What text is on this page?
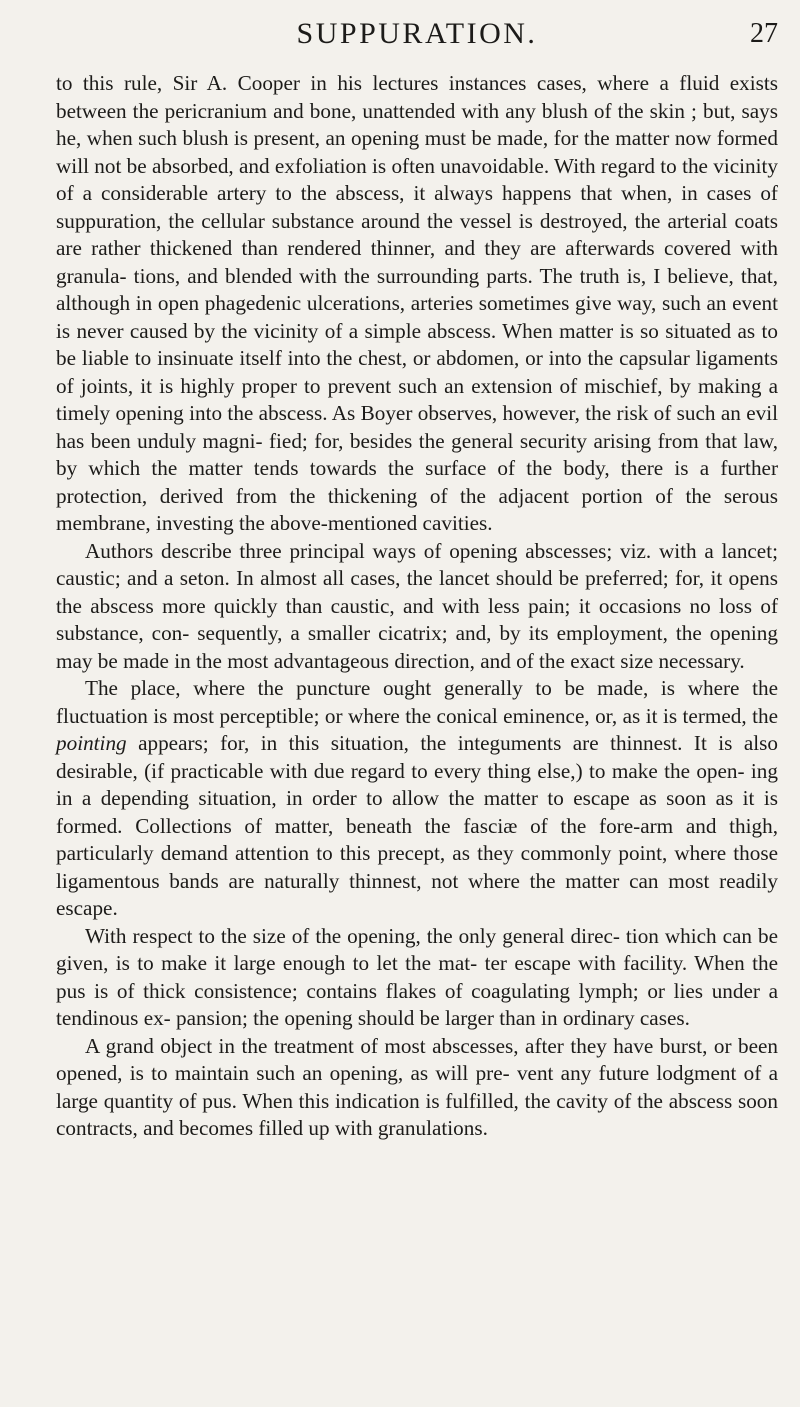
SUPPURATION.	27

to this rule, Sir A. Cooper in his lectures instances cases, where a fluid exists between the pericranium and bone, unattended with any blush of the skin ; but, says he, when such blush is present, an opening must be made, for the matter now formed will not be absorbed, and exfoliation is often unavoidable. With regard to the vicinity of a considerable artery to the abscess, it always happens that when, in cases of suppuration, the cellular substance around the vessel is destroyed, the arterial coats are rather thickened than rendered thinner, and they are afterwards covered with granula- tions, and blended with the surrounding parts. The truth is, I believe, that, although in open phagedenic ulcerations, arteries sometimes give way, such an event is never caused by the vicinity of a simple abscess. When matter is so situated as to be liable to insinuate itself into the chest, or abdomen, or into the capsular ligaments of joints, it is highly proper to prevent such an extension of mischief, by making a timely opening into the abscess. As Boyer observes, however, the risk of such an evil has been unduly magni- fied; for, besides the general security arising from that law, by which the matter tends towards the surface of the body, there is a further protection, derived from the thickening of the adjacent portion of the serous membrane, investing the above-mentioned cavities.

Authors describe three principal ways of opening abscesses; viz. with a lancet; caustic; and a seton. In almost all cases, the lancet should be preferred; for, it opens the abscess more quickly than caustic, and with less pain; it occasions no loss of substance, con- sequently, a smaller cicatrix; and, by its employment, the opening may be made in the most advantageous direction, and of the exact size necessary.

The place, where the puncture ought generally to be made, is where the fluctuation is most perceptible; or where the conical eminence, or, as it is termed, the pointing appears; for, in this situation, the integuments are thinnest. It is also desirable, (if practicable with due regard to every thing else,) to make the open- ing in a depending situation, in order to allow the matter to escape as soon as it is formed. Collections of matter, beneath the fasciæ of the fore-arm and thigh, particularly demand attention to this precept, as they commonly point, where those ligamentous bands are naturally thinnest, not where the matter can most readily escape.

With respect to the size of the opening, the only general direc- tion which can be given, is to make it large enough to let the mat- ter escape with facility. When the pus is of thick consistence; contains flakes of coagulating lymph; or lies under a tendinous ex- pansion; the opening should be larger than in ordinary cases.

A grand object in the treatment of most abscesses, after they have burst, or been opened, is to maintain such an opening, as will pre- vent any future lodgment of a large quantity of pus. When this indication is fulfilled, the cavity of the abscess soon contracts, and becomes filled up with granulations.
